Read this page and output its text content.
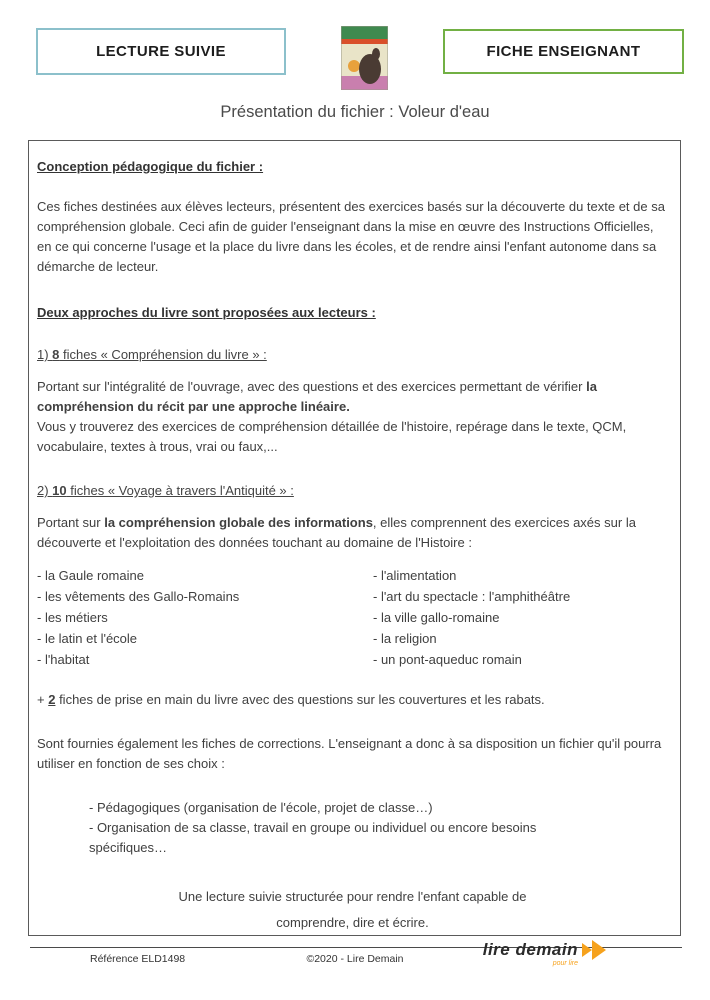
LECTURE SUIVIE	FICHE ENSEIGNANT
Présentation du fichier : Voleur d'eau
Conception pédagogique du fichier :

Ces fiches destinées aux élèves lecteurs, présentent des exercices basés sur la découverte du texte et de sa compréhension globale. Ceci afin de guider l'enseignant dans la mise en œuvre des Instructions Officielles, en ce qui concerne l'usage et la place du livre dans les écoles, et de rendre ainsi l'enfant autonome dans sa démarche de lecteur.

Deux approches du livre sont proposées aux lecteurs :
1) 8 fiches « Compréhension du livre » :

Portant sur l'intégralité de l'ouvrage, avec des questions et des exercices permettant de vérifier la compréhension du récit par une approche linéaire.

Vous y trouverez des exercices de compréhension détaillée de l'histoire, repérage dans le texte, QCM, vocabulaire, textes à trous, vrai ou faux,...

2) 10 fiches « Voyage à travers l'Antiquité » :

Portant sur la compréhension globale des informations, elles comprennent des exercices axés sur la découverte et l'exploitation des données touchant au domaine de l'Histoire :

- la Gaule romaine
- les vêtements des Gallo-Romains
- les métiers
- le latin et l'école
- l'habitat
- l'alimentation
- l'art du spectacle : l'amphithéâtre
- la ville gallo-romaine
- la religion
- un pont-aqueduc romain
+ 2 fiches de prise en main du livre avec des questions sur les couvertures et les rabats.

Sont fournies également les fiches de corrections. L'enseignant a donc à sa disposition un fichier qu'il pourra utiliser en fonction de ses choix :

- Pédagogiques (organisation de l'école, projet de classe…)
- Organisation de sa classe, travail en groupe ou individuel ou encore besoins spécifiques…
Une lecture suivie structurée pour rendre l'enfant capable de
comprendre, dire et écrire.
Référence ELD1498	©2020 - Lire Demain	lire demain
pour lire
